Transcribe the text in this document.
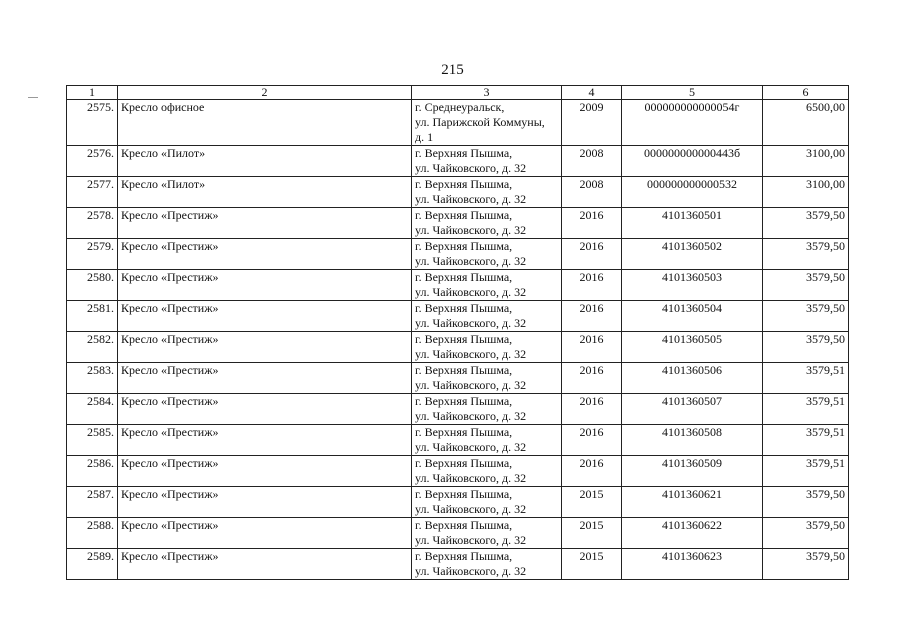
215
1	2	3	4	5	6
2575.	Кресло офисное	г. Среднеуральск,
ул. Парижской Коммуны,
д. 1	2009	000000000000054г	6500,00
2576.	Кресло «Пилот»	г. Верхняя Пышма,
ул. Чайковского, д. 32	2008	000000000000443б	3100,00
2577.	Кресло «Пилот»	г. Верхняя Пышма,
ул. Чайковского, д. 32	2008	000000000000532	3100,00
2578.	Кресло «Престиж»	г. Верхняя Пышма,
ул. Чайковского, д. 32	2016	4101360501	3579,50
2579.	Кресло «Престиж»	г. Верхняя Пышма,
ул. Чайковского, д. 32	2016	4101360502	3579,50
2580.	Кресло «Престиж»	г. Верхняя Пышма,
ул. Чайковского, д. 32	2016	4101360503	3579,50
2581.	Кресло «Престиж»	г. Верхняя Пышма,
ул. Чайковского, д. 32	2016	4101360504	3579,50
2582.	Кресло «Престиж»	г. Верхняя Пышма,
ул. Чайковского, д. 32	2016	4101360505	3579,50
2583.	Кресло «Престиж»	г. Верхняя Пышма,
ул. Чайковского, д. 32	2016	4101360506	3579,51
2584.	Кресло «Престиж»	г. Верхняя Пышма,
ул. Чайковского, д. 32	2016	4101360507	3579,51
2585.	Кресло «Престиж»	г. Верхняя Пышма,
ул. Чайковского, д. 32	2016	4101360508	3579,51
2586.	Кресло «Престиж»	г. Верхняя Пышма,
ул. Чайковского, д. 32	2016	4101360509	3579,51
2587.	Кресло «Престиж»	г. Верхняя Пышма,
ул. Чайковского, д. 32	2015	4101360621	3579,50
2588.	Кресло «Престиж»	г. Верхняя Пышма,
ул. Чайковского, д. 32	2015	4101360622	3579,50
2589.	Кресло «Престиж»	г. Верхняя Пышма,
ул. Чайковского, д. 32	2015	4101360623	3579,50
